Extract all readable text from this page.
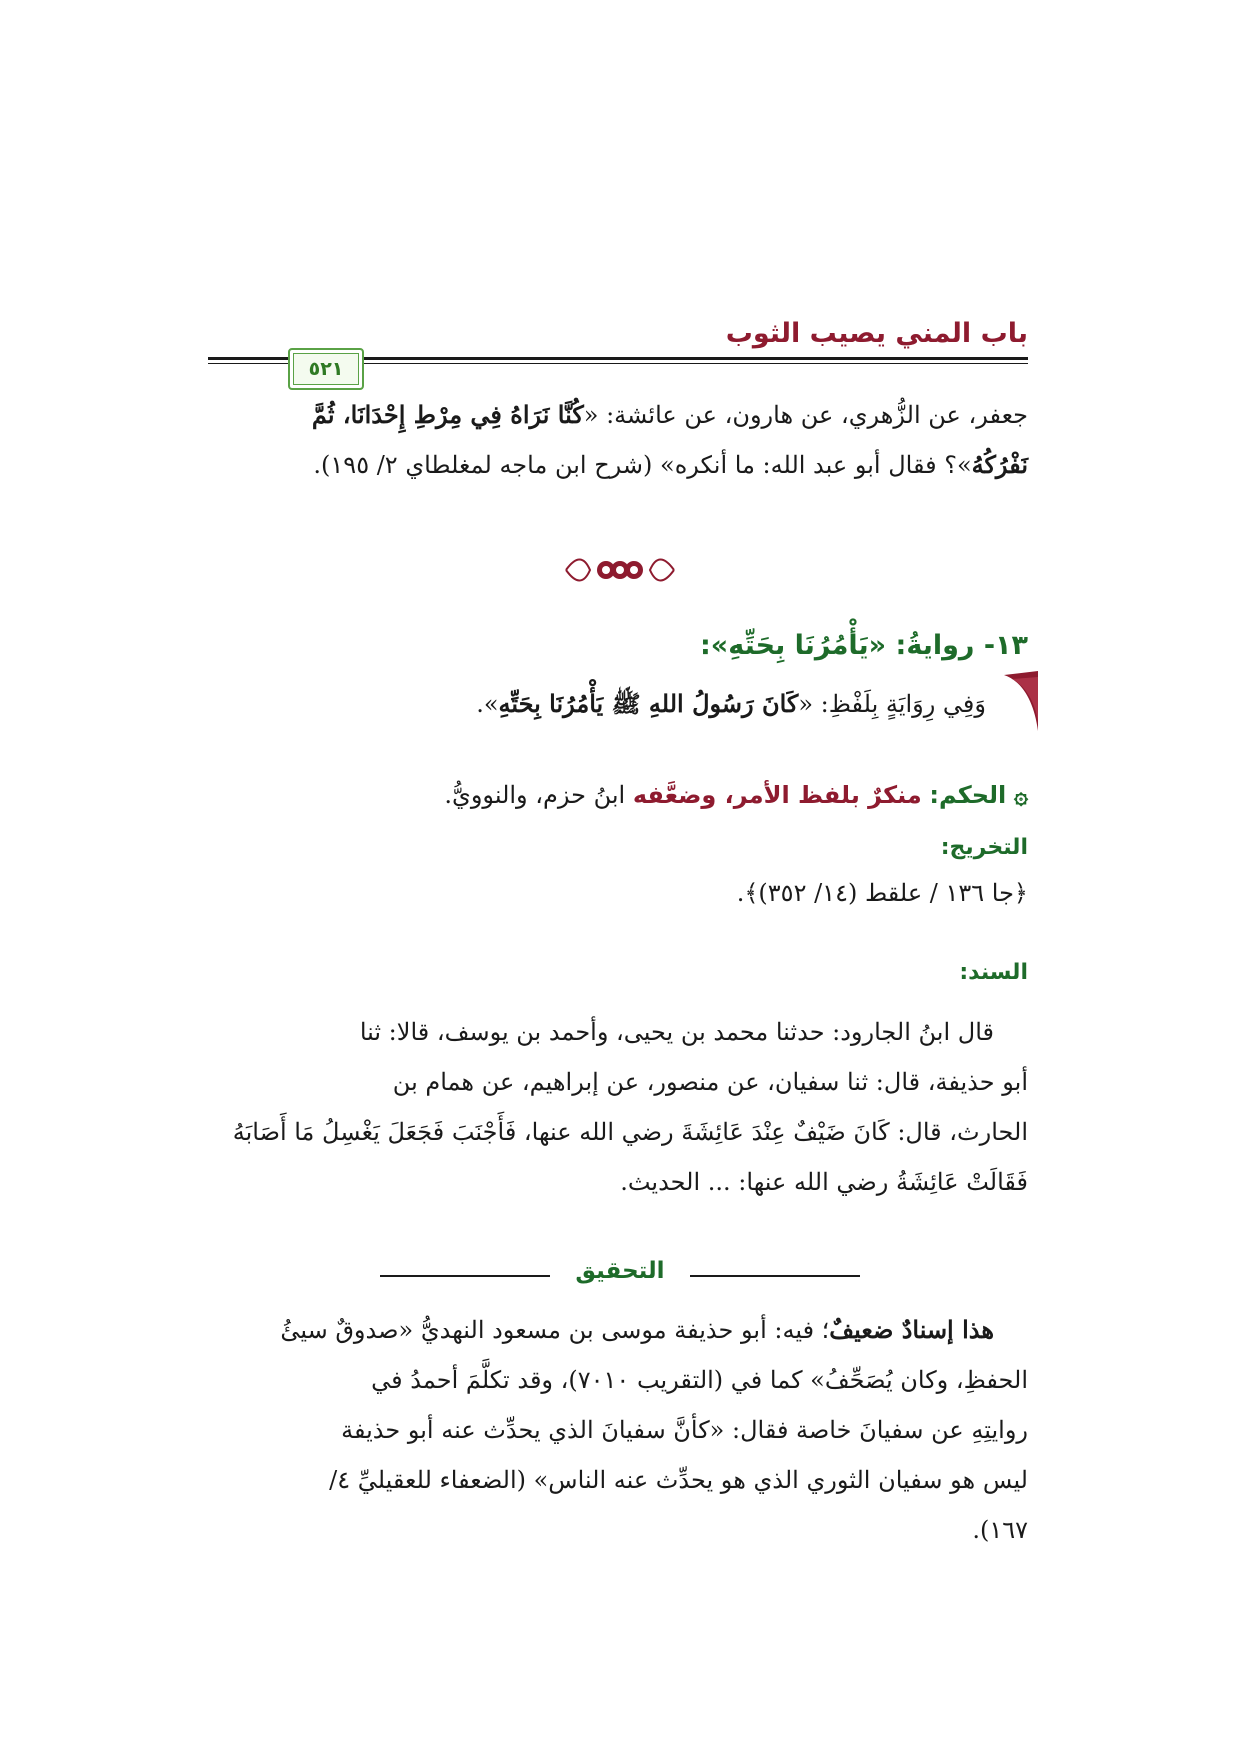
باب المني يصيب الثوب
٥٢١

جعفر، عن الزُّهري، عن هارون، عن عائشة: «كُنَّا نَرَاهُ فِي مِرْطِ إِحْدَانَا، ثُمَّ

نَفْرُكُهُ»؟ فقال أبو عبد الله: ما أنكره» (شرح ابن ماجه لمغلطاي ٢/ ١٩٥).

١٣- روايةُ: «يَأْمُرُنَا بِحَتِّهِ»:

وَفِي رِوَايَةٍ بِلَفْظِ: «كَانَ رَسُولُ اللهِ ﷺ يَأْمُرُنَا بِحَتِّهِ».

۞ الحكم: منكرٌ بلفظ الأمر، وضعَّفه ابنُ حزم، والنوويُّ.

التخريج:

﴿جا ١٣٦ / علقط (١٤/ ٣٥٢)﴾.

السند:

قال ابنُ الجارود: حدثنا محمد بن يحيى، وأحمد بن يوسف، قالا: ثنا

أبو حذيفة، قال: ثنا سفيان، عن منصور، عن إبراهيم، عن همام بن

الحارث، قال: كَانَ ضَيْفٌ عِنْدَ عَائِشَةَ رضي الله عنها، فَأَجْنَبَ فَجَعَلَ يَغْسِلُ مَا أَصَابَهُ

فَقَالَتْ عَائِشَةُ رضي الله عنها: ... الحديث.

التحقيق

هذا إسنادٌ ضعيفٌ؛ فيه: أبو حذيفة موسى بن مسعود النهديُّ «صدوقٌ سيئُ

الحفظِ، وكان يُصَحِّفُ» كما في (التقريب ٧٠١٠)، وقد تكلَّمَ أحمدُ في

روايتِهِ عن سفيانَ خاصة فقال: «كأنَّ سفيانَ الذي يحدِّث عنه أبو حذيفة

ليس هو سفيان الثوري الذي هو يحدِّث عنه الناس» (الضعفاء للعقيليِّ ٤/

١٦٧).
